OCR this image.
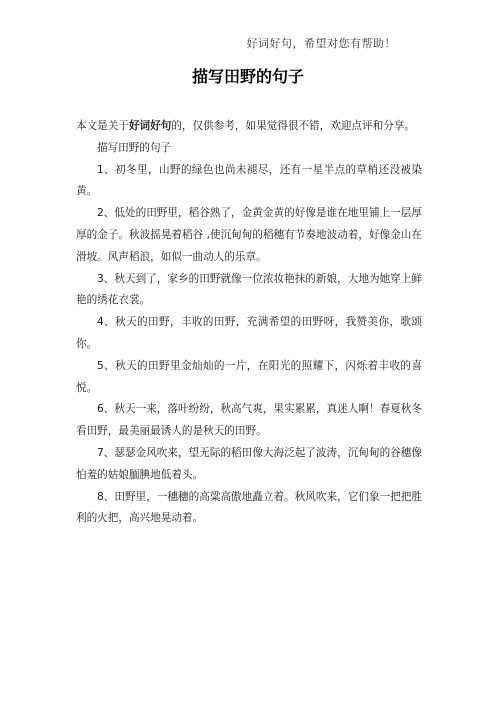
好词好句，希望对您有帮助！
描写田野的句子

本文是关于好词好句的，仅供参考，如果觉得很不错，欢迎点评和分享。

描写田野的句子

1、初冬里，山野的绿色也尚未褪尽，还有一星半点的草梢还没被染黄。

2、低处的田野里，稻谷熟了，金黄金黄的好像是谁在地里铺上一层厚厚的金子。秋波摇晃着稻谷 ,使沉甸甸的稻穗有节奏地波动着，好像金山在滑坡。风声稻浪，如似一曲动人的乐章。

3、秋天到了，家乡的田野就像一位浓妆艳抹的新娘，大地为她穿上鲜艳的绣花衣裳。

4、秋天的田野，丰收的田野，充满希望的田野呀，我赞美你，歌颂你。

5、秋天的田野里金灿灿的一片，在阳光的照耀下，闪烁着丰收的喜悦。

6、秋天一来，落叶纷纷，秋高气爽，果实累累，真迷人啊！春夏秋冬看田野，最美丽最诱人的是秋天的田野。

7、瑟瑟金风吹来，望无际的稻田像大海泛起了波涛，沉甸甸的谷穗像怕羞的姑娘腼腆地低着头。

8、田野里，一穗穗的高粱高傲地矗立着。秋风吹来，它们象一把把胜利的火把，高兴地晃动着。
